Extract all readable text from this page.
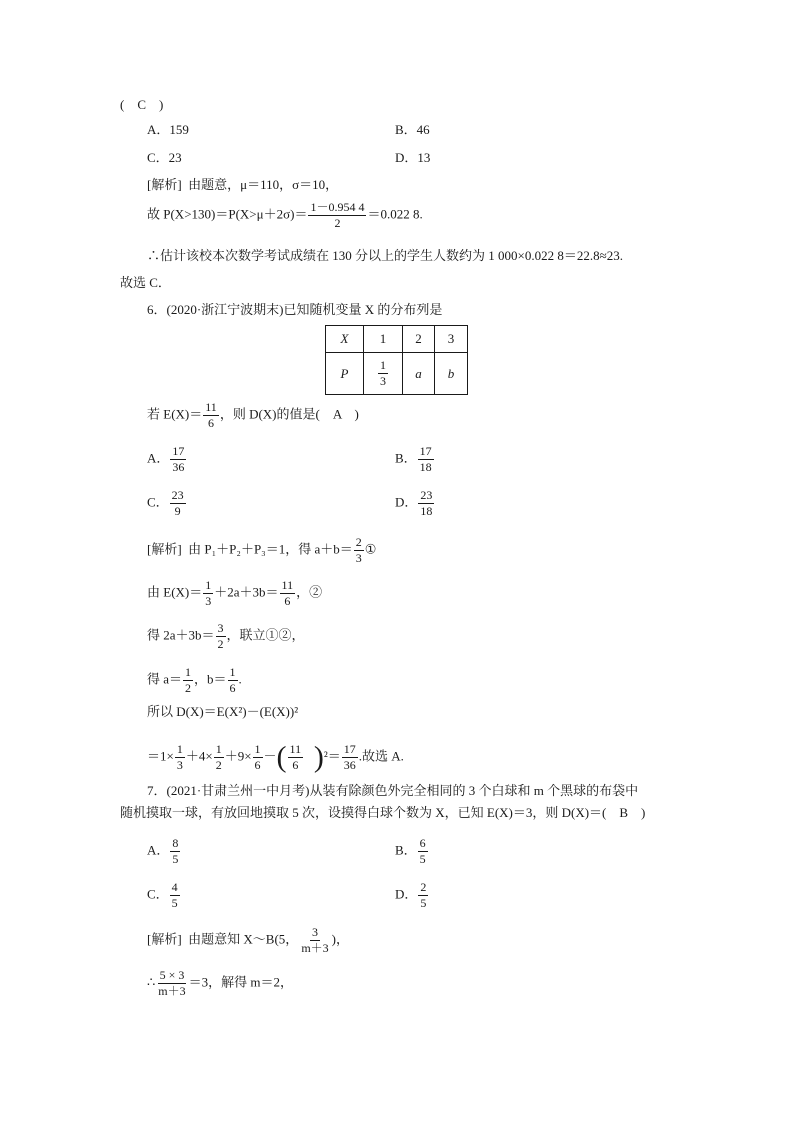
(　C　)
A．159	B．46
C．23	D．13
[解析] 由题意，μ＝110，σ＝10，
故 $P(X>130)=P(X>\mu+2\sigma)= \frac{1-0.954 4}{2} =0.022$ 8.
∴估计该校本次数学考试成绩在 130 分以上的学生人数约为 1 000×0.022 8＝22.8≈23.
故选 C．
6．(2020·浙江宁波期末)已知随机变量 X 的分布列是
X	1	2	3
P	$\frac{1}{3}$	a	b
若 $E(X)= \frac{11}{6}$ ，则 D(X)的值是(　A　)
A． $\frac{17}{36}$	B． $\frac{17}{18}$
C． $\frac{23}{9}$	D． $\frac{23}{18}$
[解析] 由 P₁＋P₂＋P₃＝1，得 $a+b= \frac{2}{3}$ ①
由 $E(X)= \frac{1}{3} +2a+3b= \frac{11}{6}$ ，②
得 $2a+3b= \frac{3}{2}$ ，联立①②，
得 $a= \frac{1}{2}$ ，$b= \frac{1}{6}$ .
所以 D(X)＝E(X²)－(E(X))²
$=1\times \frac{1}{3} +4\times \frac{1}{2} +9\times \frac{1}{6}$ －( $\frac{11}{6} )^2= \frac{17}{36}$ .故选 A.
7．(2021·甘肃兰州一中月考)从装有除颜色外完全相同的 3 个白球和 m 个黑球的布袋中
随机摸取一球，有放回地摸取 5 次，设摸得白球个数为 X，已知 E(X)＝3，则 D(X)＝(　B　)
A． $\frac{8}{5}$	B． $\frac{6}{5}$
C． $\frac{4}{5}$	D． $\frac{2}{5}$
[解析] 由题意知 X～B(5， $\frac{3}{m+3}$ )，
∴ $\frac{5 \times 3}{m+3} =3$，解得 m＝2，
